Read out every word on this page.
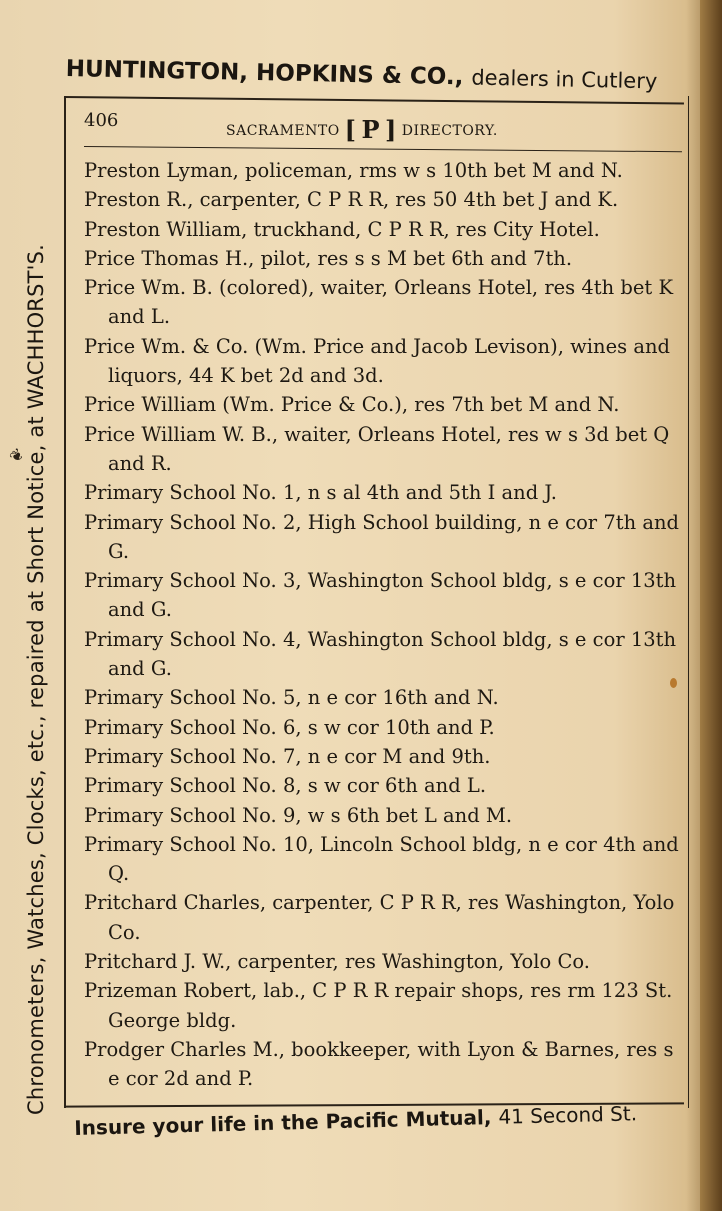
HUNTINGTON, HOPKINS & CO., dealers in Cutlery
Chronometers, Watches, Clocks, etc., repaired at Short Notice, at WACHHORST'S.
❦
406	SACRAMENTO [ P ] DIRECTORY.
Preston Lyman, policeman, rms w s 10th bet M and N.
Preston R., carpenter, C P R R, res 50 4th bet J and K.
Preston William, truckhand, C P R R, res City Hotel.
Price Thomas H., pilot, res s s M bet 6th and 7th.
Price Wm. B. (colored), waiter, Orleans Hotel, res 4th bet K and L.
Price Wm. & Co. (Wm. Price and Jacob Levison), wines and liquors, 44 K bet 2d and 3d.
Price William (Wm. Price & Co.), res 7th bet M and N.
Price William W. B., waiter, Orleans Hotel, res w s 3d bet Q and R.
Primary School No. 1, n s al 4th and 5th I and J.
Primary School No. 2, High School building, n e cor 7th and G.
Primary School No. 3, Washington School bldg, s e cor 13th and G.
Primary School No. 4, Washington School bldg, s e cor 13th and G.
Primary School No. 5, n e cor 16th and N.
Primary School No. 6, s w cor 10th and P.
Primary School No. 7, n e cor M and 9th.
Primary School No. 8, s w cor 6th and L.
Primary School No. 9, w s 6th bet L and M.
Primary School No. 10, Lincoln School bldg, n e cor 4th and Q.
Pritchard Charles, carpenter, C P R R, res Washington, Yolo Co.
Pritchard J. W., carpenter, res Washington, Yolo Co.
Prizeman Robert, lab., C P R R repair shops, res rm 123 St. George bldg.
Prodger Charles M., bookkeeper, with Lyon & Barnes, res s e cor 2d and P.
Insure your life in the Pacific Mutual, 41 Second St.
